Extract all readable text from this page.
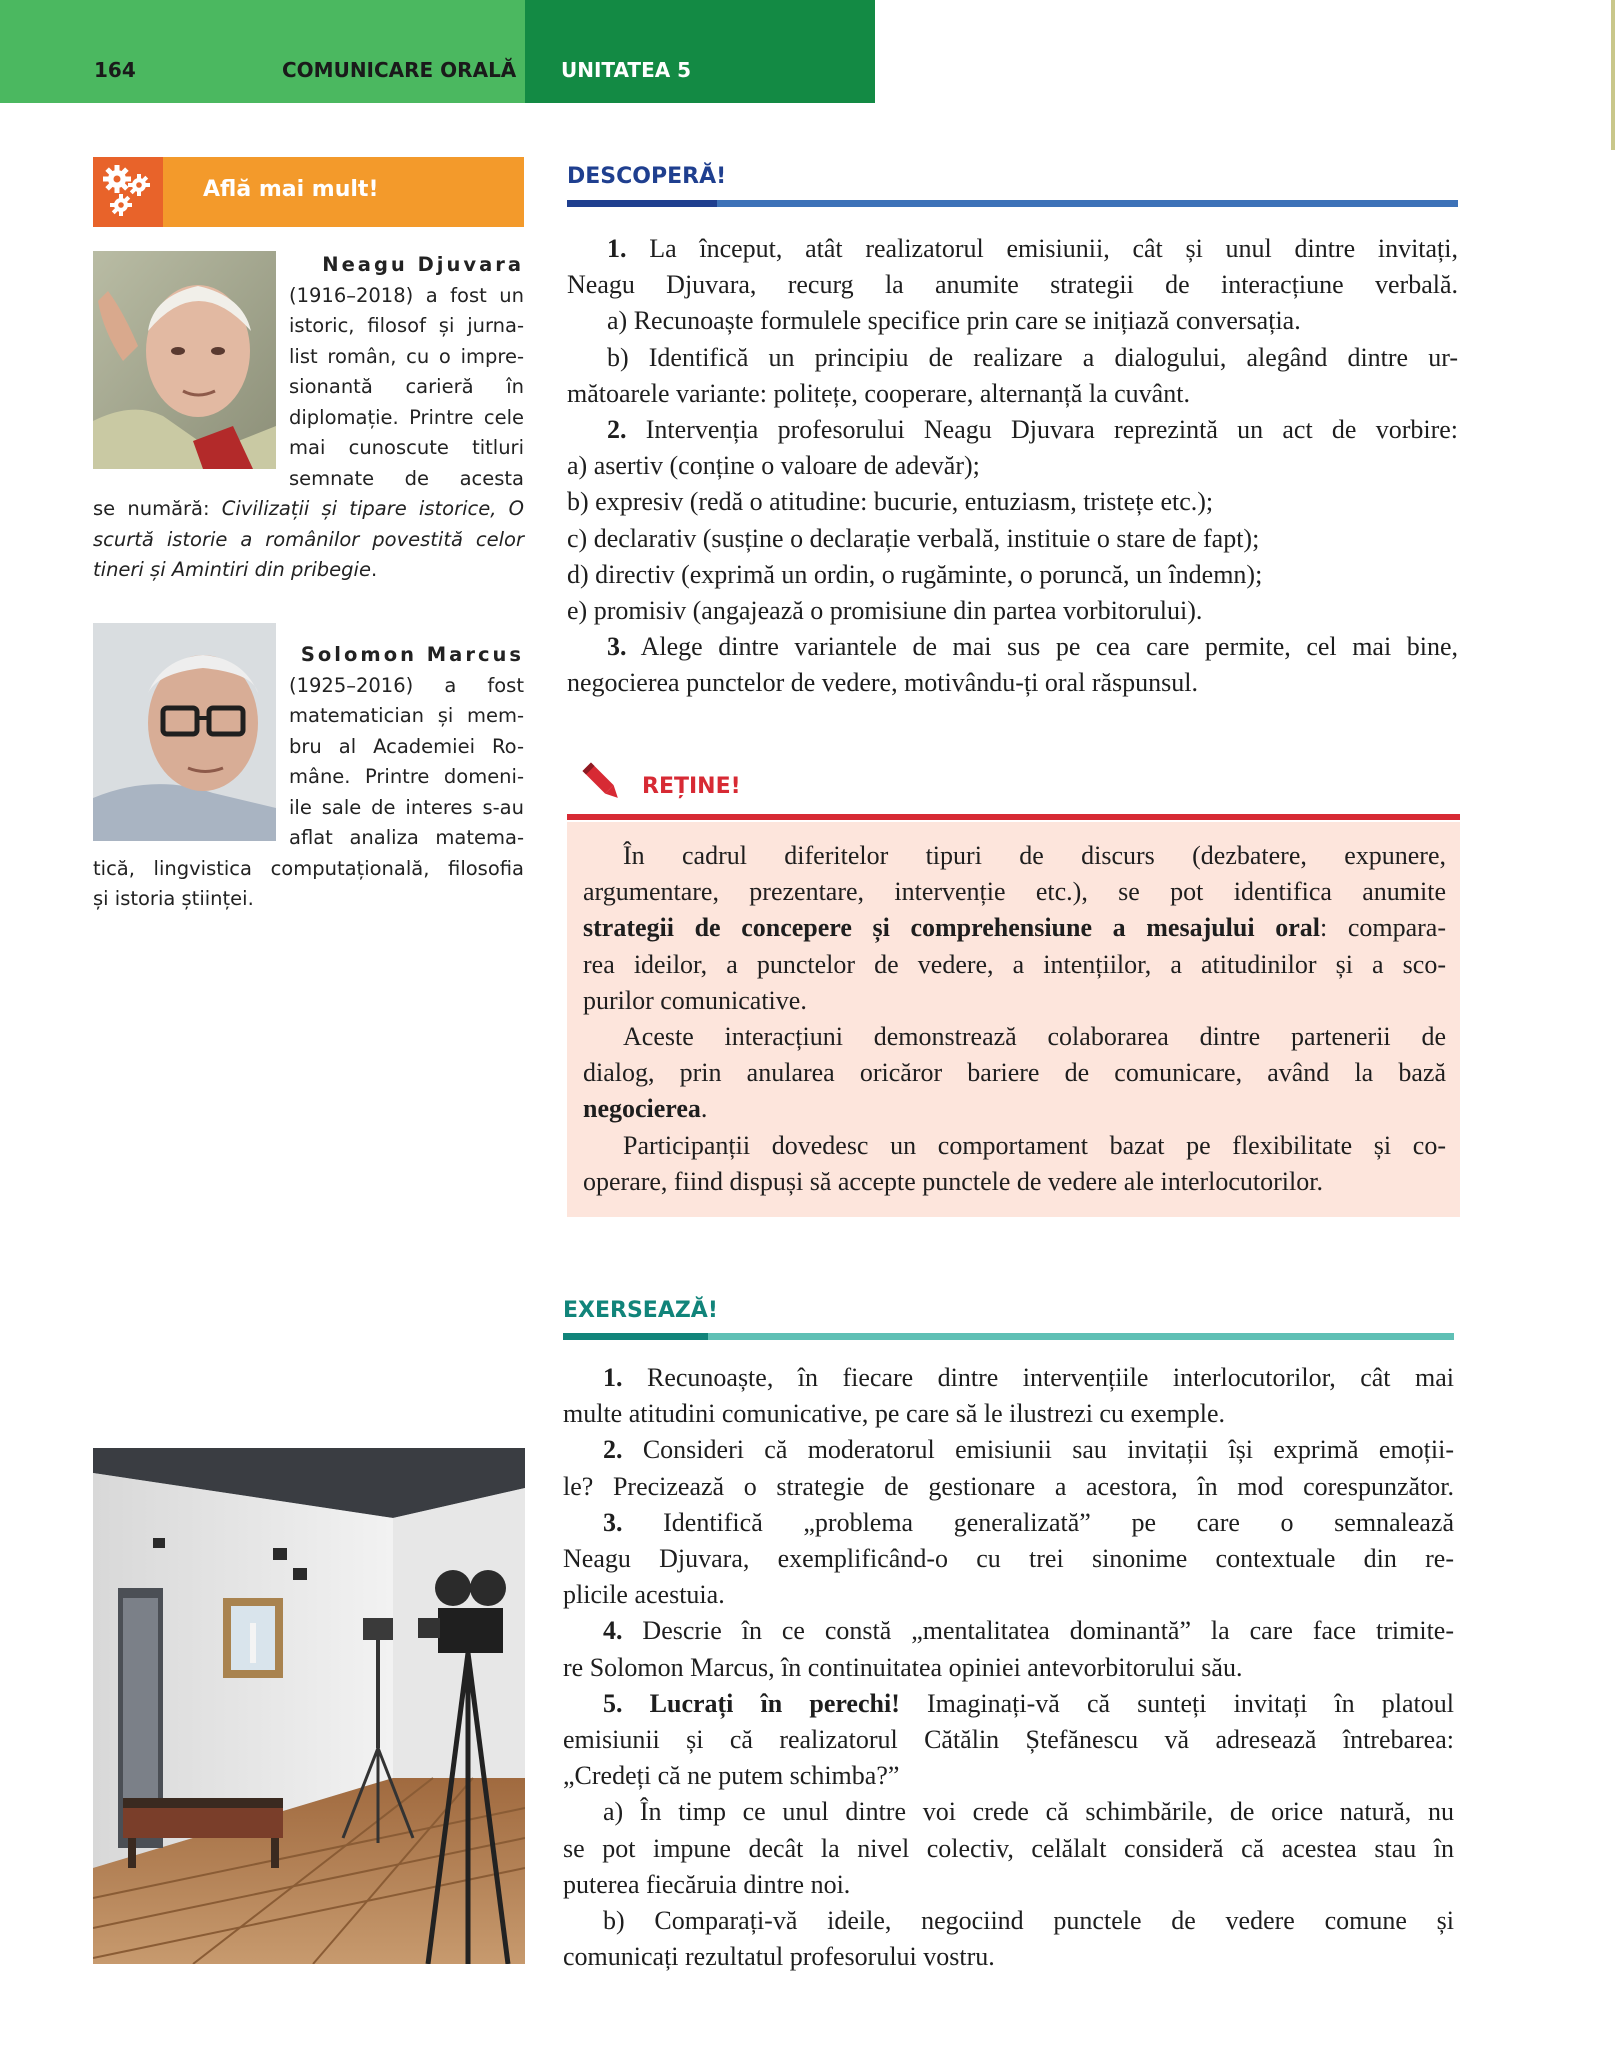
164	COMUNICARE ORALĂ UNITATEA 5
Află mai mult!
Neagu Djuvara
(1916–2018) a fost un
istoric, filosof și jurna-
list român, cu o impre-
sionantă carieră în
diplomație. Printre cele
mai cunoscute titluri
semnate de acesta
se numără: Civilizații și tipare istorice, O
scurtă istorie a românilor povestită celor
tineri și Amintiri din pribegie.
Solomon Marcus
(1925–2016) a fost
matematician și mem-
bru al Academiei Ro-
mâne. Printre domeni-
ile sale de interes s-au
aflat analiza matema-
tică, lingvistica computațională, filosofia
și istoria științei.
DESCOPERĂ!
1. La început, atât realizatorul emisiunii, cât și unul dintre invitați,
Neagu Djuvara, recurg la anumite strategii de interacțiune verbală.
a) Recunoaște formulele specifice prin care se inițiază conversația.
b) Identifică un principiu de realizare a dialogului, alegând dintre ur-
mătoarele variante: politețe, cooperare, alternanță la cuvânt.
2. Intervenția profesorului Neagu Djuvara reprezintă un act de vorbire:
a) asertiv (conține o valoare de adevăr);
b) expresiv (redă o atitudine: bucurie, entuziasm, tristețe etc.);
c) declarativ (susține o declarație verbală, instituie o stare de fapt);
d) directiv (exprimă un ordin, o rugăminte, o poruncă, un îndemn);
e) promisiv (angajează o promisiune din partea vorbitorului).
3. Alege dintre variantele de mai sus pe cea care permite, cel mai bine,
negocierea punctelor de vedere, motivându-ți oral răspunsul.
REȚINE!
În cadrul diferitelor tipuri de discurs (dezbatere, expunere,
argumentare, prezentare, intervenție etc.), se pot identifica anumite
strategii de concepere și comprehensiune a mesajului oral: compara-
rea ideilor, a punctelor de vedere, a intențiilor, a atitudinilor și a sco-
purilor comunicative.
Aceste interacțiuni demonstrează colaborarea dintre partenerii de
dialog, prin anularea oricăror bariere de comunicare, având la bază
negocierea.
Participanții dovedesc un comportament bazat pe flexibilitate și co-
operare, fiind dispuși să accepte punctele de vedere ale interlocutorilor.
EXERSEAZĂ!
1. Recunoaște, în fiecare dintre intervențiile interlocutorilor, cât mai
multe atitudini comunicative, pe care să le ilustrezi cu exemple.
2. Consideri că moderatorul emisiunii sau invitații își exprimă emoții-
le? Precizează o strategie de gestionare a acestora, în mod corespunzător.
3. Identifică „problema generalizată” pe care o semnalează
Neagu Djuvara, exemplificând-o cu trei sinonime contextuale din re-
plicile acestuia.
4. Descrie în ce constă „mentalitatea dominantă” la care face trimite-
re Solomon Marcus, în continuitatea opiniei antevorbitorului său.
5. Lucrați în perechi! Imaginați-vă că sunteți invitați în platoul
emisiunii și că realizatorul Cătălin Ștefănescu vă adresează întrebarea:
„Credeți că ne putem schimba?”
a) În timp ce unul dintre voi crede că schimbările, de orice natură, nu
se pot impune decât la nivel colectiv, celălalt consideră că acestea stau în
puterea fiecăruia dintre noi.
b) Comparați-vă ideile, negociind punctele de vedere comune și
comunicați rezultatul profesorului vostru.
